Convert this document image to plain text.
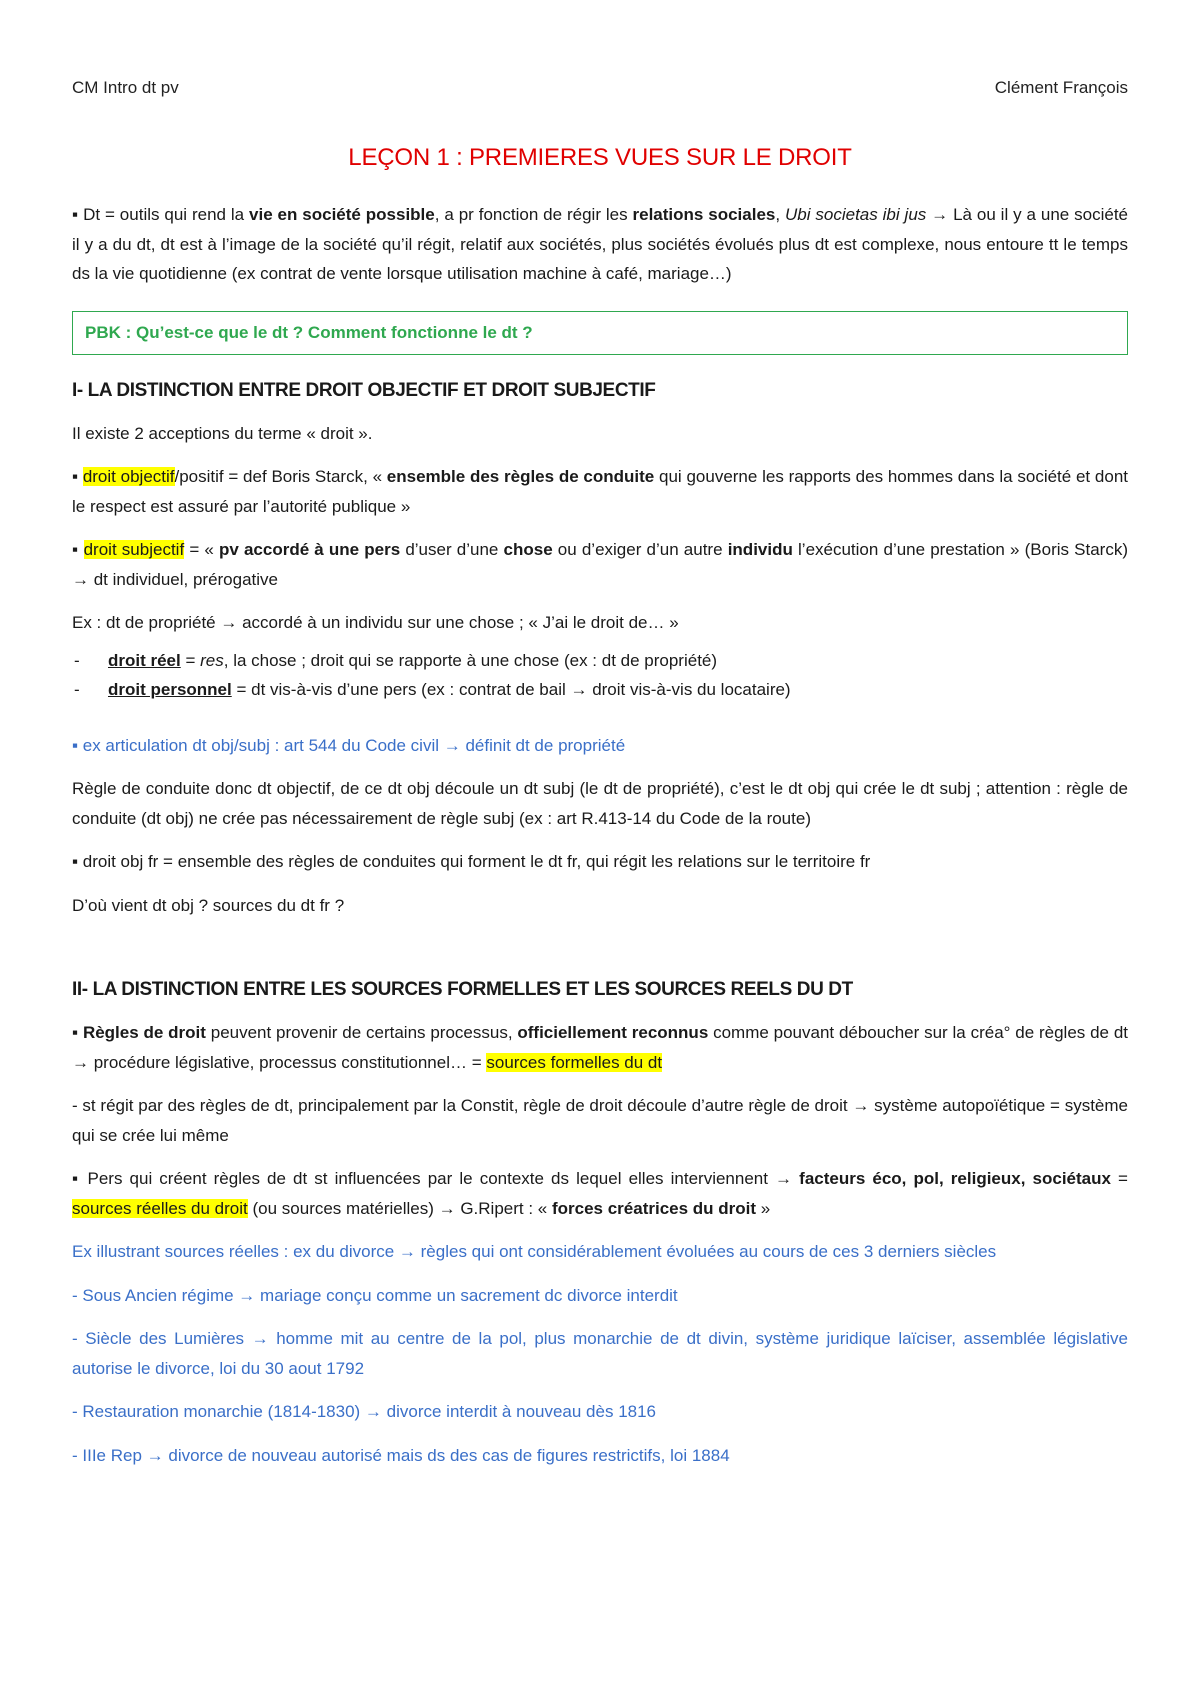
CM Intro dt pv	Clément François
LEÇON 1 : PREMIERES VUES SUR LE DROIT

▪ Dt = outils qui rend la vie en société possible, a pr fonction de régir les relations sociales, Ubi societas ibi jus → Là ou il y a une société il y a du dt, dt est à l’image de la société qu’il régit, relatif aux sociétés, plus sociétés évolués plus dt est complexe, nous entoure tt le temps ds la vie quotidienne (ex contrat de vente lorsque utilisation machine à café, mariage…)

PBK : Qu’est-ce que le dt ? Comment fonctionne le dt ?
I- LA DISTINCTION ENTRE DROIT OBJECTIF ET DROIT SUBJECTIF

Il existe 2 acceptions du terme « droit ».

▪ droit objectif/positif = def Boris Starck, « ensemble des règles de conduite qui gouverne les rapports des hommes dans la société et dont le respect est assuré par l’autorité publique »

▪ droit subjectif = « pv accordé à une pers d’user d’une chose ou d’exiger d’un autre individu l’exécution d’une prestation » (Boris Starck) → dt individuel, prérogative

Ex : dt de propriété → accordé à un individu sur une chose ; « J’ai le droit de… »

- droit réel = res, la chose ; droit qui se rapporte à une chose (ex : dt de propriété)
- droit personnel = dt vis-à-vis d’une pers (ex : contrat de bail → droit vis-à-vis du locataire)

▪ ex articulation dt obj/subj : art 544 du Code civil → définit dt de propriété

Règle de conduite donc dt objectif, de ce dt obj découle un dt subj (le dt de propriété), c’est le dt obj qui crée le dt subj ; attention : règle de conduite (dt obj) ne crée pas nécessairement de règle subj (ex : art R.413-14 du Code de la route)

▪ droit obj fr = ensemble des règles de conduites qui forment le dt fr, qui régit les relations sur le territoire fr

D’où vient dt obj ? sources du dt fr ?

II- LA DISTINCTION ENTRE LES SOURCES FORMELLES ET LES SOURCES REELS DU DT

▪ Règles de droit peuvent provenir de certains processus, officiellement reconnus comme pouvant déboucher sur la créa° de règles de dt → procédure législative, processus constitutionnel… = sources formelles du dt

- st régit par des règles de dt, principalement par la Constit, règle de droit découle d’autre règle de droit → système autopoïétique = système qui se crée lui même

▪ Pers qui créent règles de dt st influencées par le contexte ds lequel elles interviennent → facteurs éco, pol, religieux, sociétaux = sources réelles du droit (ou sources matérielles) → G.Ripert : « forces créatrices du droit »

Ex illustrant sources réelles : ex du divorce → règles qui ont considérablement évoluées au cours de ces 3 derniers siècles

- Sous Ancien régime → mariage conçu comme un sacrement dc divorce interdit

- Siècle des Lumières → homme mit au centre de la pol, plus monarchie de dt divin, système juridique laïciser, assemblée législative autorise le divorce, loi du 30 aout 1792

- Restauration monarchie (1814-1830) → divorce interdit à nouveau dès 1816

- IIIe Rep → divorce de nouveau autorisé mais ds des cas de figures restrictifs, loi 1884
